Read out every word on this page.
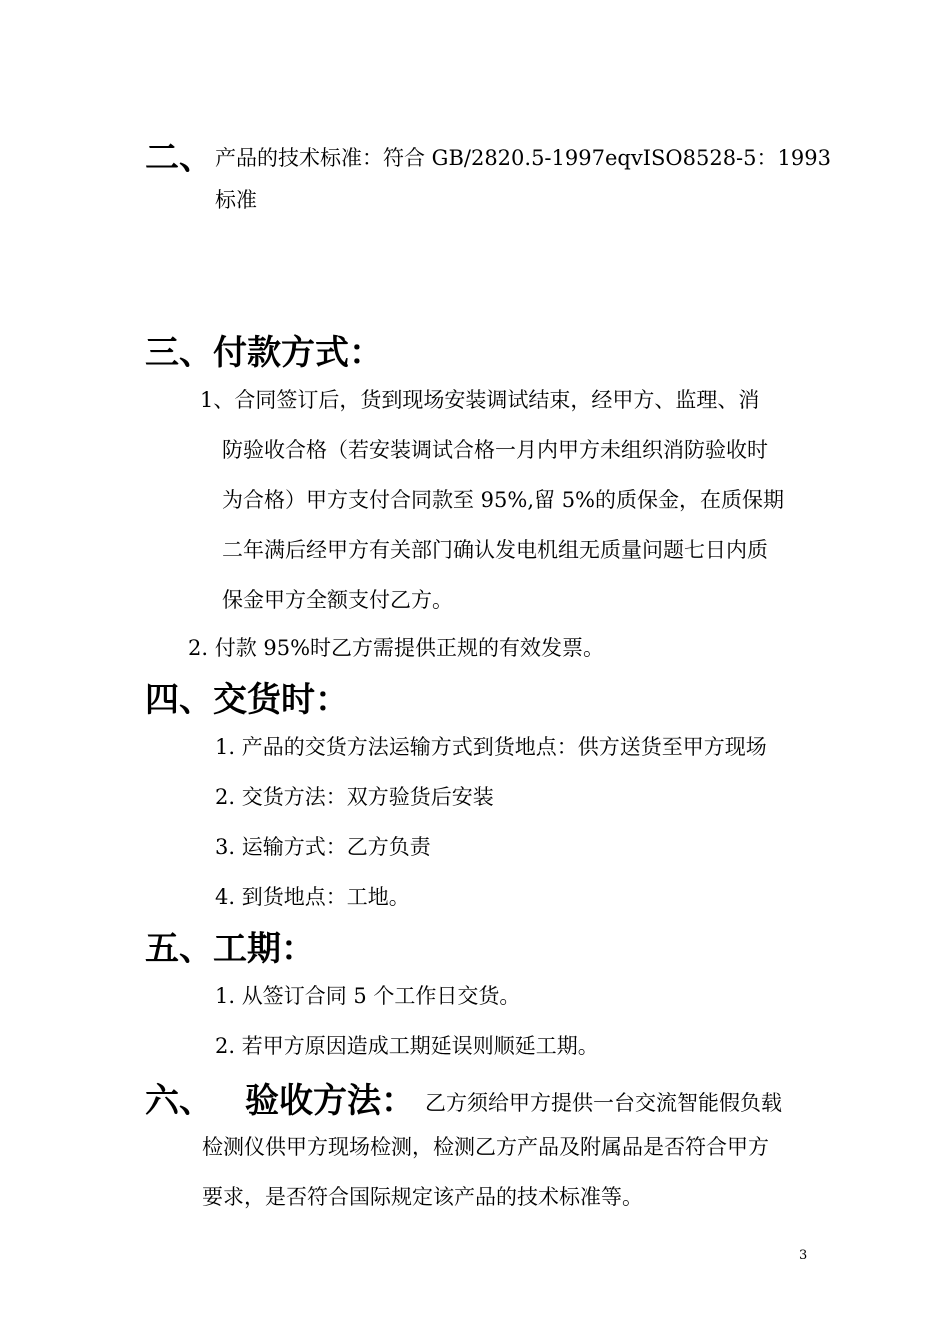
二、 产品的技术标准：符合 GB/2820.5-1997eqvISO8528-5：1993
标准
三、付款方式：
1、合同签订后，货到现场安装调试结束，经甲方、监理、消
防验收合格（若安装调试合格一月内甲方未组织消防验收时
为合格）甲方支付合同款至 95%,留 5%的质保金，在质保期
二年满后经甲方有关部门确认发电机组无质量问题七日内质
保金甲方全额支付乙方。
2. 付款 95%时乙方需提供正规的有效发票。
四、交货时：
1. 产品的交货方法运输方式到货地点：供方送货至甲方现场
2. 交货方法：双方验货后安装
3. 运输方式：乙方负责
4. 到货地点：工地。
五、工期：
1. 从签订合同 5 个工作日交货。
2. 若甲方原因造成工期延误则顺延工期。
六、 验收方法： 乙方须给甲方提供一台交流智能假负载
检测仪供甲方现场检测，检测乙方产品及附属品是否符合甲方
要求，是否符合国际规定该产品的技术标准等。
3
